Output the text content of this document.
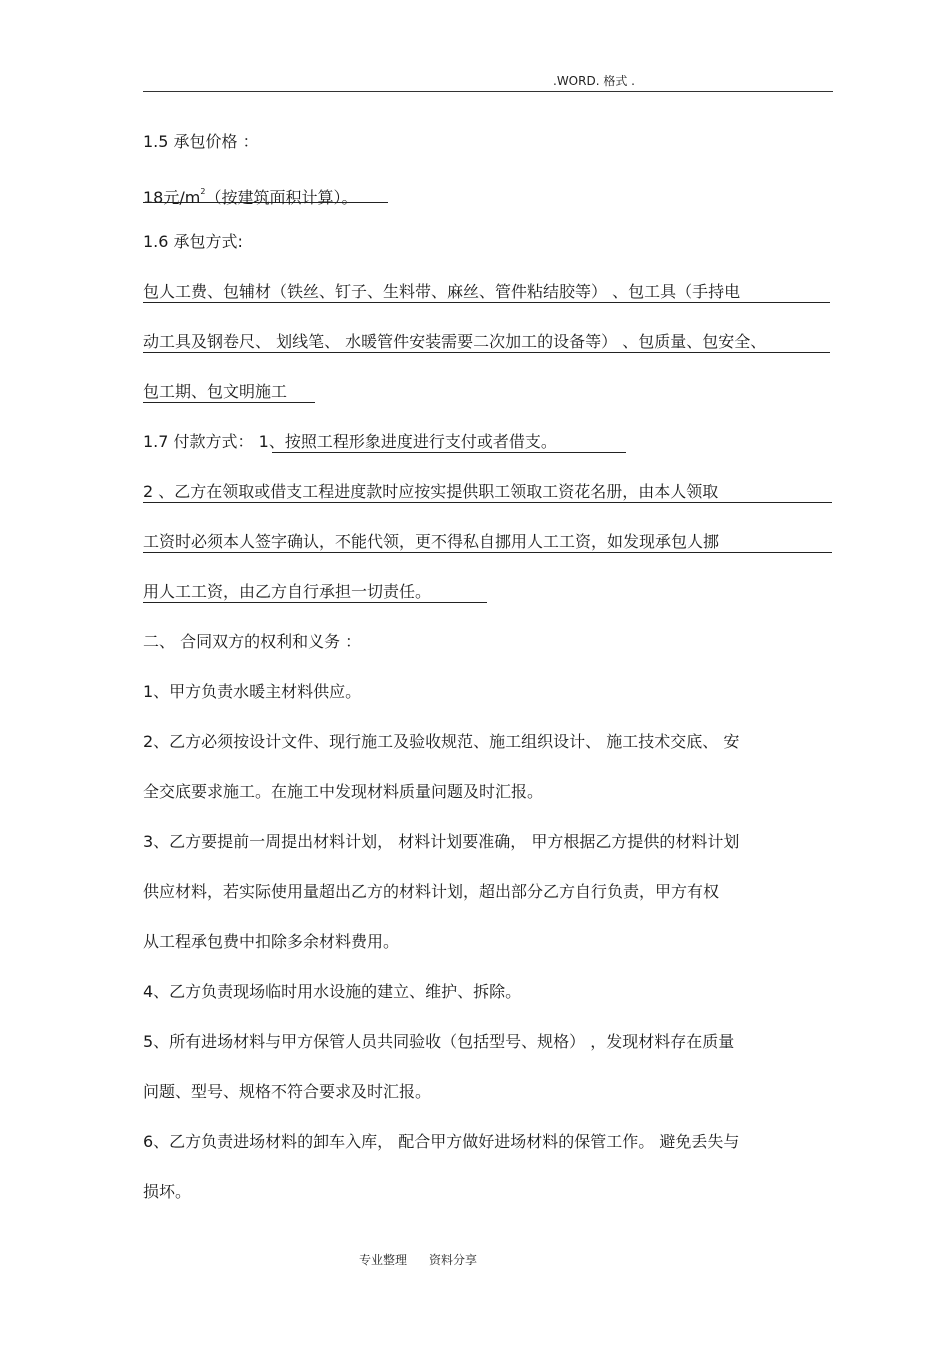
.WORD. 格式 .
1.5 承包价格 ：
18元$/m^2$（按建筑面积计算）。
1.6 承包方式:
包人工费、包辅材（铁丝、钉子、生料带、麻丝、管件粘结胶等） 、包工具（手持电
动工具及钢卷尺、 划线笔、 水暖管件安装需要二次加工的设备等） 、包质量、包安全、
包工期、包文明施工
1.7 付款方式： 1、按照工程形象进度进行支付或者借支。
2 、乙方在领取或借支工程进度款时应按实提供职工领取工资花名册，由本人领取
工资时必须本人签字确认，不能代领，更不得私自挪用人工工资，如发现承包人挪
用人工工资，由乙方自行承担一切责任。
二、 合同双方的权利和义务 ：
1、甲方负责水暖主材料供应。
2、乙方必须按设计文件、现行施工及验收规范、施工组织设计、 施工技术交底、 安
全交底要求施工。在施工中发现材料质量问题及时汇报。
3、乙方要提前一周提出材料计划， 材料计划要准确， 甲方根据乙方提供的材料计划
供应材料，若实际使用量超出乙方的材料计划，超出部分乙方自行负责，甲方有权
从工程承包费中扣除多余材料费用。
4、乙方负责现场临时用水设施的建立、维护、拆除。
5、所有进场材料与甲方保管人员共同验收（包括型号、规格） ，发现材料存在质量
问题、型号、规格不符合要求及时汇报。
6、乙方负责进场材料的卸车入库， 配合甲方做好进场材料的保管工作。 避免丢失与
损坏。
专业整理 资料分享
